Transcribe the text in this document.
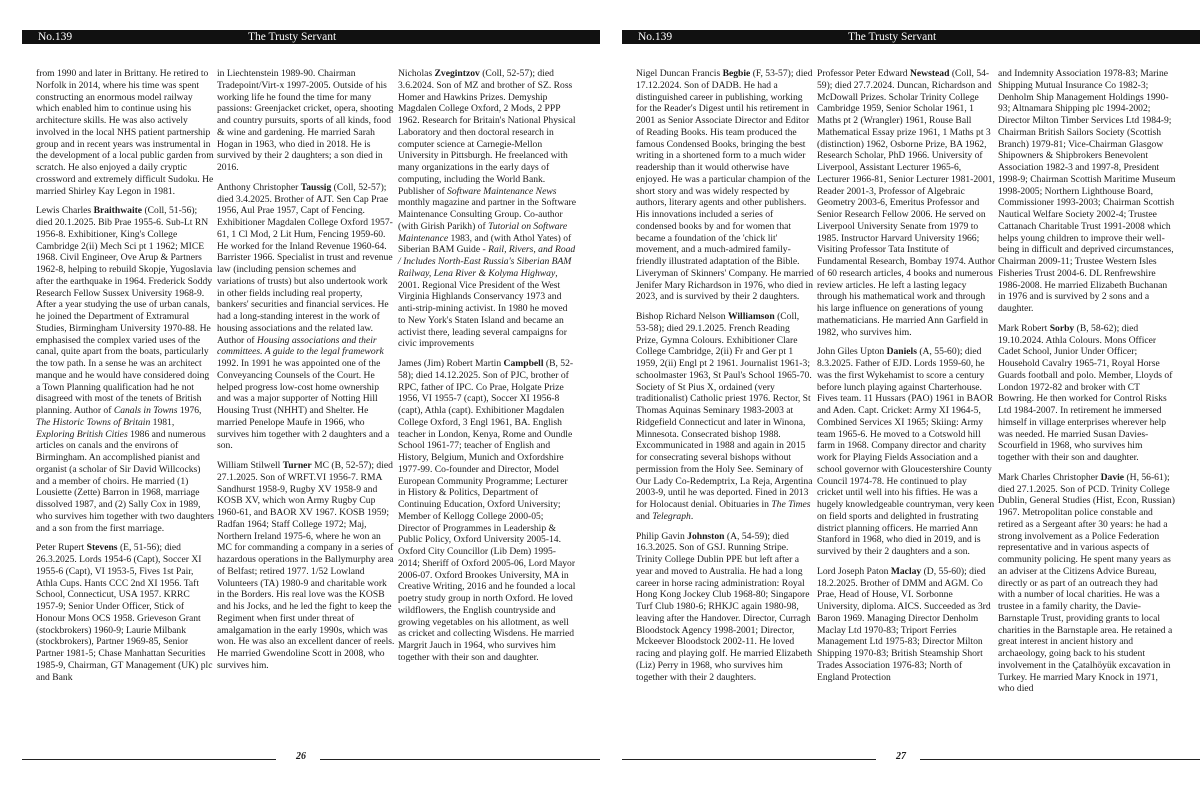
No.139	The Trusty Servant

from 1990 and later in Brittany. He retired to Norfolk in 2014, where his time was spent constructing an enormous model railway which enabled him to continue using his architecture skills. He was also actively involved in the local NHS patient partnership group and in recent years was instrumental in the development of a local public garden from scratch. He also enjoyed a daily cryptic crossword and extremely difficult Sudoku. He married Shirley Kay Legon in 1981.

Lewis Charles Braithwaite (Coll, 51-56); died 20.1.2025. Bib Prae 1955-6. Sub-Lt RN 1956-8. Exhibitioner, King's College Cambridge 2(ii) Mech Sci pt 1 1962; MICE 1968. Civil Engineer, Ove Arup & Partners 1962-8, helping to rebuild Skopje, Yugoslavia after the earthquake in 1964. Frederick Soddy Research Fellow Sussex University 1968-9. After a year studying the use of urban canals, he joined the Department of Extramural Studies, Birmingham University 1970-88. He emphasised the complex varied uses of the canal, quite apart from the boats, particularly the tow path. In a sense he was an architect manque and he would have considered doing a Town Planning qualification had he not disagreed with most of the tenets of British planning. Author of Canals in Towns 1976, The Historic Towns of Britain 1981, Exploring British Cities 1986 and numerous articles on canals and the environs of Birmingham. An accomplished pianist and organist (a scholar of Sir David Willcocks) and a member of choirs. He married (1) Lousiette (Zette) Barron in 1968, marriage dissolved 1987, and (2) Sally Cox in 1989, who survives him together with two daughters and a son from the first marriage.

Peter Rupert Stevens (E, 51-56); died 26.3.2025. Lords 1954-6 (Capt), Soccer XI 1955-6 (Capt), VI 1953-5, Fives 1st Pair, Athla Cups. Hants CCC 2nd XI 1956. Taft School, Connecticut, USA 1957. KRRC 1957-9; Senior Under Officer, Stick of Honour Mons OCS 1958. Grieveson Grant (stockbrokers) 1960-9; Laurie Milbank (stockbrokers), Partner 1969-85, Senior Partner 1981-5; Chase Manhattan Securities 1985-9, Chairman, GT Management (UK) plc and Bank

in Liechtenstein 1989-90. Chairman Tradepoint/Virt-x 1997-2005. Outside of his working life he found the time for many passions: Greenjacket cricket, opera, shooting and country pursuits, sports of all kinds, food & wine and gardening. He married Sarah Hogan in 1963, who died in 2018. He is survived by their 2 daughters; a son died in 2016.

Anthony Christopher Taussig (Coll, 52-57); died 3.4.2025. Brother of AJT. Sen Cap Prae 1956, Aul Prae 1957, Capt of Fencing. Exhibitioner Magdalen College Oxford 1957-61, 1 Cl Mod, 2 Lit Hum, Fencing 1959-60. He worked for the Inland Revenue 1960-64. Barrister 1966. Specialist in trust and revenue law (including pension schemes and variations of trusts) but also undertook work in other fields including real property, bankers' securities and financial services. He had a long-standing interest in the work of housing associations and the related law. Author of Housing associations and their committees. A guide to the legal framework 1992. In 1991 he was appointed one of the Conveyancing Counsels of the Court. He helped progress low-cost home ownership and was a major supporter of Notting Hill Housing Trust (NHHT) and Shelter. He married Penelope Maufe in 1966, who survives him together with 2 daughters and a son.

William Stilwell Turner MC (B, 52-57); died 27.1.2025. Son of WRFT.VI 1956-7. RMA Sandhurst 1958-9, Rugby XV 1958-9 and KOSB XV, which won Army Rugby Cup 1960-61, and BAOR XV 1967. KOSB 1959; Radfan 1964; Staff College 1972; Maj, Northern Ireland 1975-6, where he won an MC for commanding a company in a series of hazardous operations in the Ballymurphy area of Belfast; retired 1977. 1/52 Lowland Volunteers (TA) 1980-9 and charitable work in the Borders. His real love was the KOSB and his Jocks, and he led the fight to keep the Regiment when first under threat of amalgamation in the early 1990s, which was won. He was also an excellent dancer of reels. He married Gwendoline Scott in 2008, who survives him.

Nicholas Zvegintzov (Coll, 52-57); died 3.6.2024. Son of MZ and brother of SZ. Ross Homer and Hawkins Prizes. Demyship Magdalen College Oxford, 2 Mods, 2 PPP 1962. Research for Britain's National Physical Laboratory and then doctoral research in computer science at Carnegie-Mellon University in Pittsburgh. He freelanced with many organizations in the early days of computing, including the World Bank. Publisher of Software Maintenance News monthly magazine and partner in the Software Maintenance Consulting Group. Co-author (with Girish Parikh) of Tutorial on Software Maintenance 1983, and (with Athol Yates) of Siberian BAM Guide - Rail, Rivers, and Road / Includes North-East Russia's Siberian BAM Railway, Lena River & Kolyma Highway, 2001. Regional Vice President of the West Virginia Highlands Conservancy 1973 and anti-strip-mining activist. In 1980 he moved to New York's Staten Island and became an activist there, leading several campaigns for civic improvements

James (Jim) Robert Martin Campbell (B, 52-58); died 14.12.2025. Son of PJC, brother of RPC, father of IPC. Co Prae, Holgate Prize 1956, VI 1955-7 (capt), Soccer XI 1956-8 (capt), Athla (capt). Exhibitioner Magdalen College Oxford, 3 Engl 1961, BA. English teacher in London, Kenya, Rome and Oundle School 1961-77; teacher of English and History, Belgium, Munich and Oxfordshire 1977-99. Co-founder and Director, Model European Community Programme; Lecturer in History & Politics, Department of Continuing Education, Oxford University; Member of Kellogg College 2000-05; Director of Programmes in Leadership & Public Policy, Oxford University 2005-14. Oxford City Councillor (Lib Dem) 1995-2014; Sheriff of Oxford 2005-06, Lord Mayor 2006-07. Oxford Brookes University, MA in Creative Writing, 2016 and he founded a local poetry study group in north Oxford. He loved wildflowers, the English countryside and growing vegetables on his allotment, as well as cricket and collecting Wisdens. He married Margrit Jauch in 1964, who survives him together with their son and daughter.

26
No.139	The Trusty Servant

Nigel Duncan Francis Begbie (F, 53-57); died 17.12.2024. Son of DADB. He had a distinguished career in publishing, working for the Reader's Digest until his retirement in 2001 as Senior Associate Director and Editor of Reading Books. His team produced the famous Condensed Books, bringing the best writing in a shortened form to a much wider readership than it would otherwise have enjoyed. He was a particular champion of the short story and was widely respected by authors, literary agents and other publishers. His innovations included a series of condensed books by and for women that became a foundation of the 'chick lit' movement, and a much-admired family-friendly illustrated adaptation of the Bible. Liveryman of Skinners' Company. He married Jenifer Mary Richardson in 1976, who died in 2023, and is survived by their 2 daughters.

Bishop Richard Nelson Williamson (Coll, 53-58); died 29.1.2025. French Reading Prize, Gymna Colours. Exhibitioner Clare College Cambridge, 2(ii) Fr and Ger pt 1 1959, 2(ii) Engl pt 2 1961. Journalist 1961-3; schoolmaster 1963, St Paul's School 1965-70. Society of St Pius X, ordained (very traditionalist) Catholic priest 1976. Rector, St Thomas Aquinas Seminary 1983-2003 at Ridgefield Connecticut and later in Winona, Minnesota. Consecrated bishop 1988. Excommunicated in 1988 and again in 2015 for consecrating several bishops without permission from the Holy See. Seminary of Our Lady Co-Redemptrix, La Reja, Argentina 2003-9, until he was deported. Fined in 2013 for Holocaust denial. Obituaries in The Times and Telegraph.

Philip Gavin Johnston (A, 54-59); died 16.3.2025. Son of GSJ. Running Stripe. Trinity College Dublin PPE but left after a year and moved to Australia. He had a long career in horse racing administration: Royal Hong Kong Jockey Club 1968-80; Singapore Turf Club 1980-6; RHKJC again 1980-98, leaving after the Handover. Director, Curragh Bloodstock Agency 1998-2001; Director, Mckeever Bloodstock 2002-11. He loved racing and playing golf. He married Elizabeth (Liz) Perry in 1968, who survives him together with their 2 daughters.

Professor Peter Edward Newstead (Coll, 54-59); died 27.7.2024. Duncan, Richardson and McDowall Prizes. Scholar Trinity College Cambridge 1959, Senior Scholar 1961, 1 Maths pt 2 (Wrangler) 1961, Rouse Ball Mathematical Essay prize 1961, 1 Maths pt 3 (distinction) 1962, Osborne Prize, BA 1962, Research Scholar, PhD 1966. University of Liverpool, Assistant Lecturer 1965-6, Lecturer 1966-81, Senior Lecturer 1981-2001, Reader 2001-3, Professor of Algebraic Geometry 2003-6, Emeritus Professor and Senior Research Fellow 2006. He served on Liverpool University Senate from 1979 to 1985. Instructor Harvard University 1966; Visiting Professor Tata Institute of Fundamental Research, Bombay 1974. Author of 60 research articles, 4 books and numerous review articles. He left a lasting legacy through his mathematical work and through his large influence on generations of young mathematicians. He married Ann Garfield in 1982, who survives him.

John Giles Upton Daniels (A, 55-60); died 8.3.2025. Father of EJD. Lords 1959-60, he was the first Wykehamist to score a century before lunch playing against Charterhouse. Fives team. 11 Hussars (PAO) 1961 in BAOR and Aden. Capt. Cricket: Army XI 1964-5, Combined Services XI 1965; Skiing: Army team 1965-6. He moved to a Cotswold hill farm in 1968. Company director and charity work for Playing Fields Association and a school governor with Gloucestershire County Council 1974-78. He continued to play cricket until well into his fifties. He was a hugely knowledgeable countryman, very keen on field sports and delighted in frustrating district planning officers. He married Ann Stanford in 1968, who died in 2019, and is survived by their 2 daughters and a son.

Lord Joseph Paton Maclay (D, 55-60); died 18.2.2025. Brother of DMM and AGM. Co Prae, Head of House, VI. Sorbonne University, diploma. AICS. Succeeded as 3rd Baron 1969. Managing Director Denholm Maclay Ltd 1970-83; Triport Ferries Management Ltd 1975-83; Director Milton Shipping 1970-83; British Steamship Short Trades Association 1976-83; North of England Protection

and Indemnity Association 1978-83; Marine Shipping Mutual Insurance Co 1982-3; Denholm Ship Management Holdings 1990-93; Altnamara Shipping plc 1994-2002; Director Milton Timber Services Ltd 1984-9; Chairman British Sailors Society (Scottish Branch) 1979-81; Vice-Chairman Glasgow Shipowners & Shipbrokers Benevolent Association 1982-3 and 1997-8, President 1998-9; Chairman Scottish Maritime Museum 1998-2005; Northern Lighthouse Board, Commissioner 1993-2003; Chairman Scottish Nautical Welfare Society 2002-4; Trustee Cattanach Charitable Trust 1991-2008 which helps young children to improve their well-being in difficult and deprived circumstances, Chairman 2009-11; Trustee Western Isles Fisheries Trust 2004-6. DL Renfrewshire 1986-2008. He married Elizabeth Buchanan in 1976 and is survived by 2 sons and a daughter.

Mark Robert Sorby (B, 58-62); died 19.10.2024. Athla Colours. Mons Officer Cadet School, Junior Under Officer; Household Cavalry 1965-71, Royal Horse Guards football and polo. Member, Lloyds of London 1972-82 and broker with CT Bowring. He then worked for Control Risks Ltd 1984-2007. In retirement he immersed himself in village enterprises wherever help was needed. He married Susan Davies-Scourfield in 1968, who survives him together with their son and daughter.

Mark Charles Christopher Davie (H, 56-61); died 27.1.2025. Son of PCD. Trinity College Dublin, General Studies (Hist, Econ, Russian) 1967. Metropolitan police constable and retired as a Sergeant after 30 years: he had a strong involvement as a Police Federation representative and in various aspects of community policing. He spent many years as an adviser at the Citizens Advice Bureau, directly or as part of an outreach they had with a number of local charities. He was a trustee in a family charity, the Davie-Barnstaple Trust, providing grants to local charities in the Barnstaple area. He retained a great interest in ancient history and archaeology, going back to his student involvement in the Çatalhöyük excavation in Turkey. He married Mary Knock in 1971, who died

27
